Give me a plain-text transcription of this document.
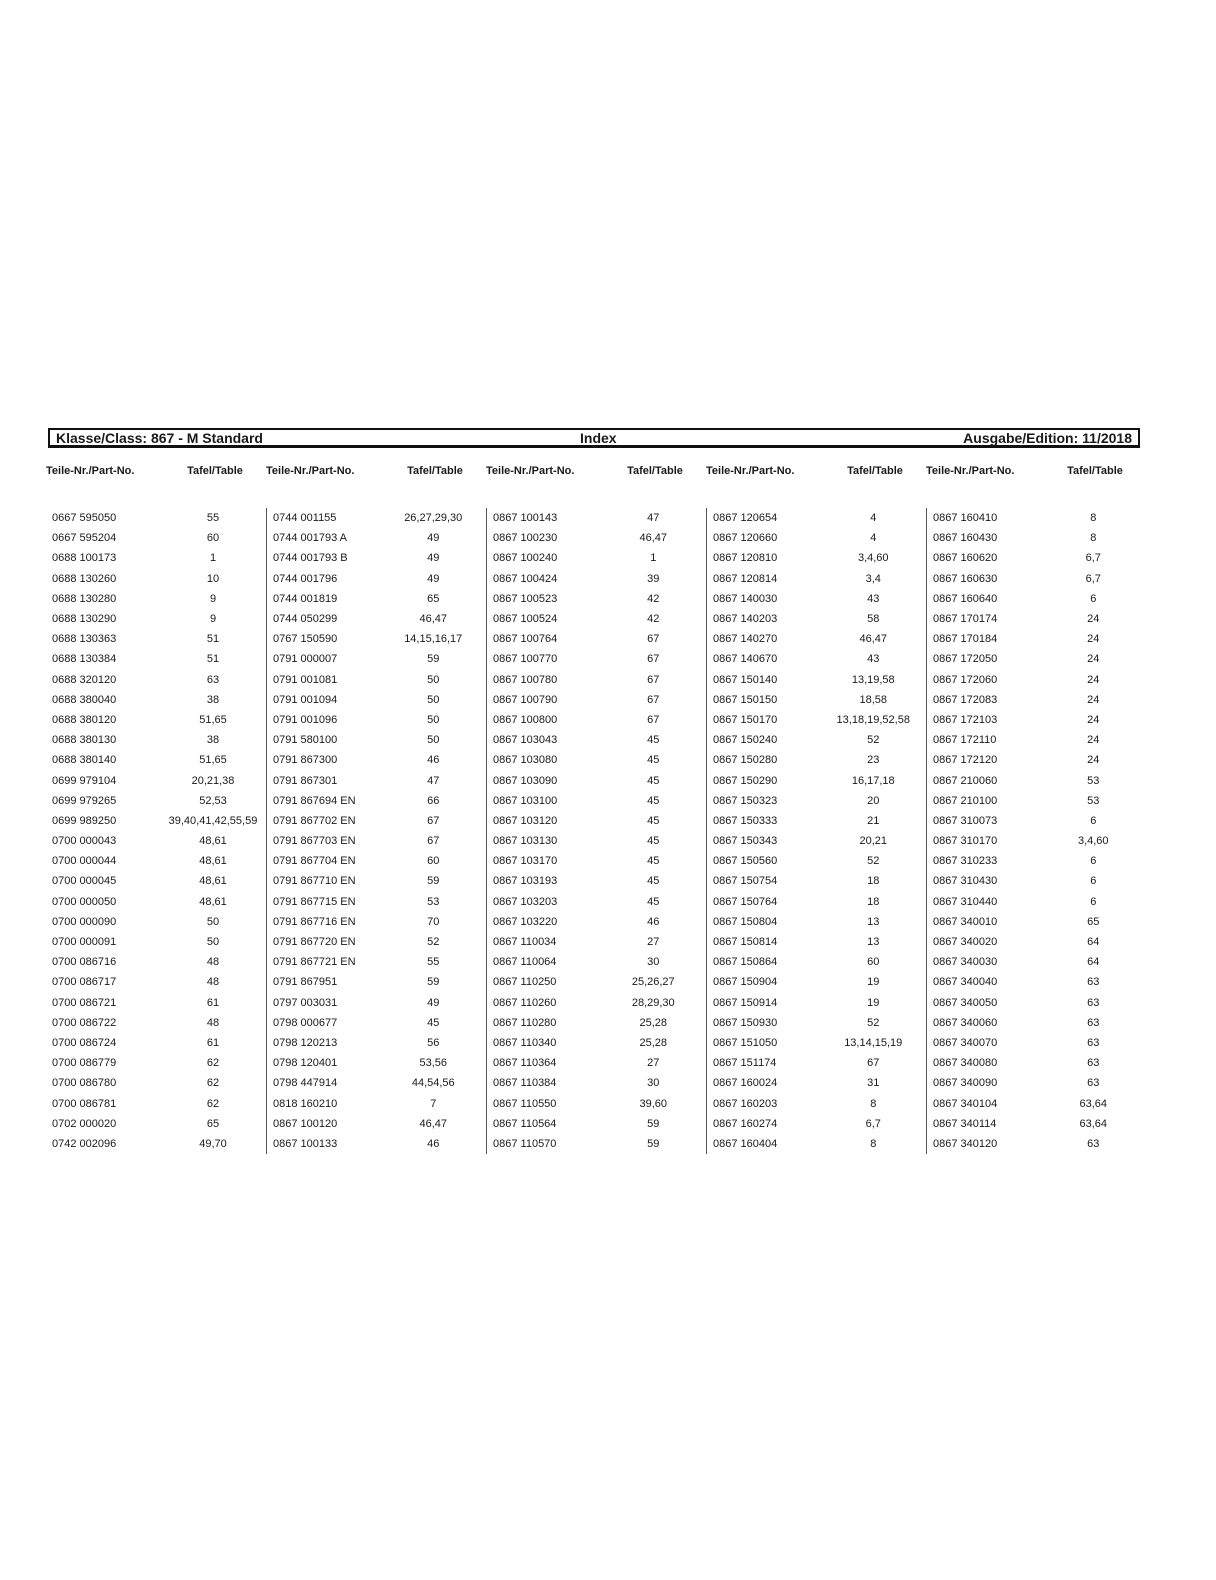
Klasse/Class: 867 - M Standard	Index	Ausgabe/Edition: 11/2018
Teile-Nr./Part-No.	Tafel/Table
0667 595050	55
0667 595204	60
0688 100173	1
0688 130260	10
0688 130280	9
0688 130290	9
0688 130363	51
0688 130384	51
0688 320120	63
0688 380040	38
0688 380120	51,65
0688 380130	38
0688 380140	51,65
0699 979104	20,21,38
0699 979265	52,53
0699 989250	39,40,41,42,55,59
0700 000043	48,61
0700 000044	48,61
0700 000045	48,61
0700 000050	48,61
0700 000090	50
0700 000091	50
0700 086716	48
0700 086717	48
0700 086721	61
0700 086722	48
0700 086724	61
0700 086779	62
0700 086780	62
0700 086781	62
0702 000020	65
0742 002096	49,70
Teile-Nr./Part-No.	Tafel/Table
0744 001155	26,27,29,30
0744 001793 A	49
0744 001793 B	49
0744 001796	49
0744 001819	65
0744 050299	46,47
0767 150590	14,15,16,17
0791 000007	59
0791 001081	50
0791 001094	50
0791 001096	50
0791 580100	50
0791 867300	46
0791 867301	47
0791 867694 EN	66
0791 867702 EN	67
0791 867703 EN	67
0791 867704 EN	60
0791 867710 EN	59
0791 867715 EN	53
0791 867716 EN	70
0791 867720 EN	52
0791 867721 EN	55
0791 867951	59
0797 003031	49
0798 000677	45
0798 120213	56
0798 120401	53,56
0798 447914	44,54,56
0818 160210	7
0867 100120	46,47
0867 100133	46
Teile-Nr./Part-No.	Tafel/Table
0867 100143	47
0867 100230	46,47
0867 100240	1
0867 100424	39
0867 100523	42
0867 100524	42
0867 100764	67
0867 100770	67
0867 100780	67
0867 100790	67
0867 100800	67
0867 103043	45
0867 103080	45
0867 103090	45
0867 103100	45
0867 103120	45
0867 103130	45
0867 103170	45
0867 103193	45
0867 103203	45
0867 103220	46
0867 110034	27
0867 110064	30
0867 110250	25,26,27
0867 110260	28,29,30
0867 110280	25,28
0867 110340	25,28
0867 110364	27
0867 110384	30
0867 110550	39,60
0867 110564	59
0867 110570	59
Teile-Nr./Part-No.	Tafel/Table
0867 120654	4
0867 120660	4
0867 120810	3,4,60
0867 120814	3,4
0867 140030	43
0867 140203	58
0867 140270	46,47
0867 140670	43
0867 150140	13,19,58
0867 150150	18,58
0867 150170	13,18,19,52,58
0867 150240	52
0867 150280	23
0867 150290	16,17,18
0867 150323	20
0867 150333	21
0867 150343	20,21
0867 150560	52
0867 150754	18
0867 150764	18
0867 150804	13
0867 150814	13
0867 150864	60
0867 150904	19
0867 150914	19
0867 150930	52
0867 151050	13,14,15,19
0867 151174	67
0867 160024	31
0867 160203	8
0867 160274	6,7
0867 160404	8
Teile-Nr./Part-No.	Tafel/Table
0867 160410	8
0867 160430	8
0867 160620	6,7
0867 160630	6,7
0867 160640	6
0867 170174	24
0867 170184	24
0867 172050	24
0867 172060	24
0867 172083	24
0867 172103	24
0867 172110	24
0867 172120	24
0867 210060	53
0867 210100	53
0867 310073	6
0867 310170	3,4,60
0867 310233	6
0867 310430	6
0867 310440	6
0867 340010	65
0867 340020	64
0867 340030	64
0867 340040	63
0867 340050	63
0867 340060	63
0867 340070	63
0867 340080	63
0867 340090	63
0867 340104	63,64
0867 340114	63,64
0867 340120	63
